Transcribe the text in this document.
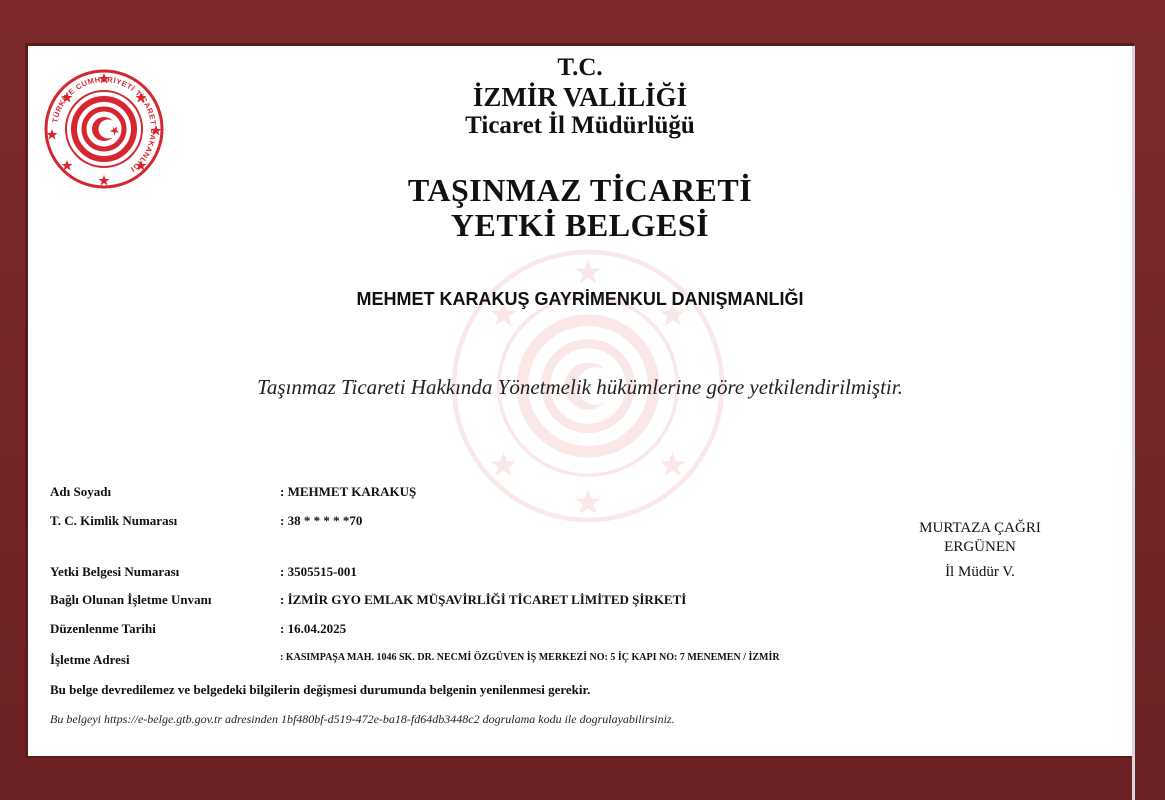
TÜRKİYE CUMHURİYETİ TİCARET BAKANLIĞI
T.C.
İZMİR VALİLİĞİ
Ticaret İl Müdürlüğü
TAŞINMAZ TİCARETİ
YETKİ BELGESİ
MEHMET KARAKUŞ GAYRİMENKUL DANIŞMANLIĞI
Taşınmaz Ticareti Hakkında Yönetmelik hükümlerine göre yetkilendirilmiştir.
Adı Soyadı	: MEHMET KARAKUŞ
T. C. Kimlik Numarası	: 38 * * * * *70
Yetki Belgesi Numarası	: 3505515-001
Bağlı Olunan İşletme Unvanı	: İZMİR GYO EMLAK MÜŞAVİRLİĞİ TİCARET LİMİTED ŞİRKETİ
Düzenlenme Tarihi	: 16.04.2025
İşletme Adresi	: KASIMPAŞA MAH. 1046 SK. DR. NECMİ ÖZGÜVEN İŞ MERKEZİ NO: 5 İÇ KAPI NO: 7 MENEMEN / İZMİR
MURTAZA ÇAĞRI
ERGÜNEN
İl Müdür V.
Bu belge devredilemez ve belgedeki bilgilerin değişmesi durumunda belgenin yenilenmesi gerekir.
Bu belgeyi https://e-belge.gtb.gov.tr adresinden 1bf480bf-d519-472e-ba18-fd64db3448c2 dogrulama kodu ile dogrulayabilirsiniz.
